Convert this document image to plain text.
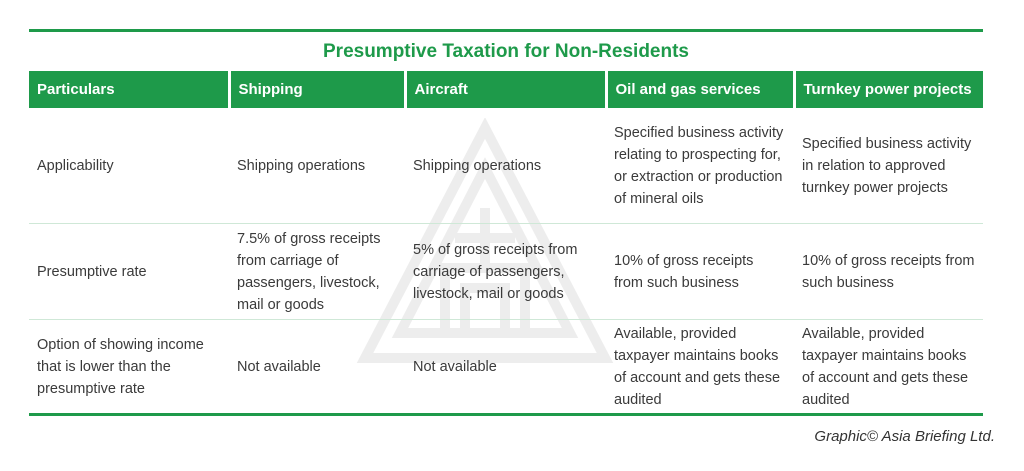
Presumptive Taxation for Non-Residents
Particulars	Shipping	Aircraft	Oil and gas services	Turnkey power projects
Applicability	Shipping operations	Shipping operations	Specified business activity relating to prospecting for, or extraction or production of mineral oils	Specified business activity in relation to approved turnkey power projects
Presumptive rate	7.5% of gross receipts from carriage of passengers, livestock, mail or goods	5% of gross receipts from carriage of passengers, livestock, mail or goods	10% of gross receipts from such business	10% of gross receipts from such business
Option of showing income that is lower than the presumptive rate	Not available	Not available	Available, provided taxpayer maintains books of account and gets these audited	Available, provided taxpayer maintains books of account and gets these audited
Graphic© Asia Briefing Ltd.
